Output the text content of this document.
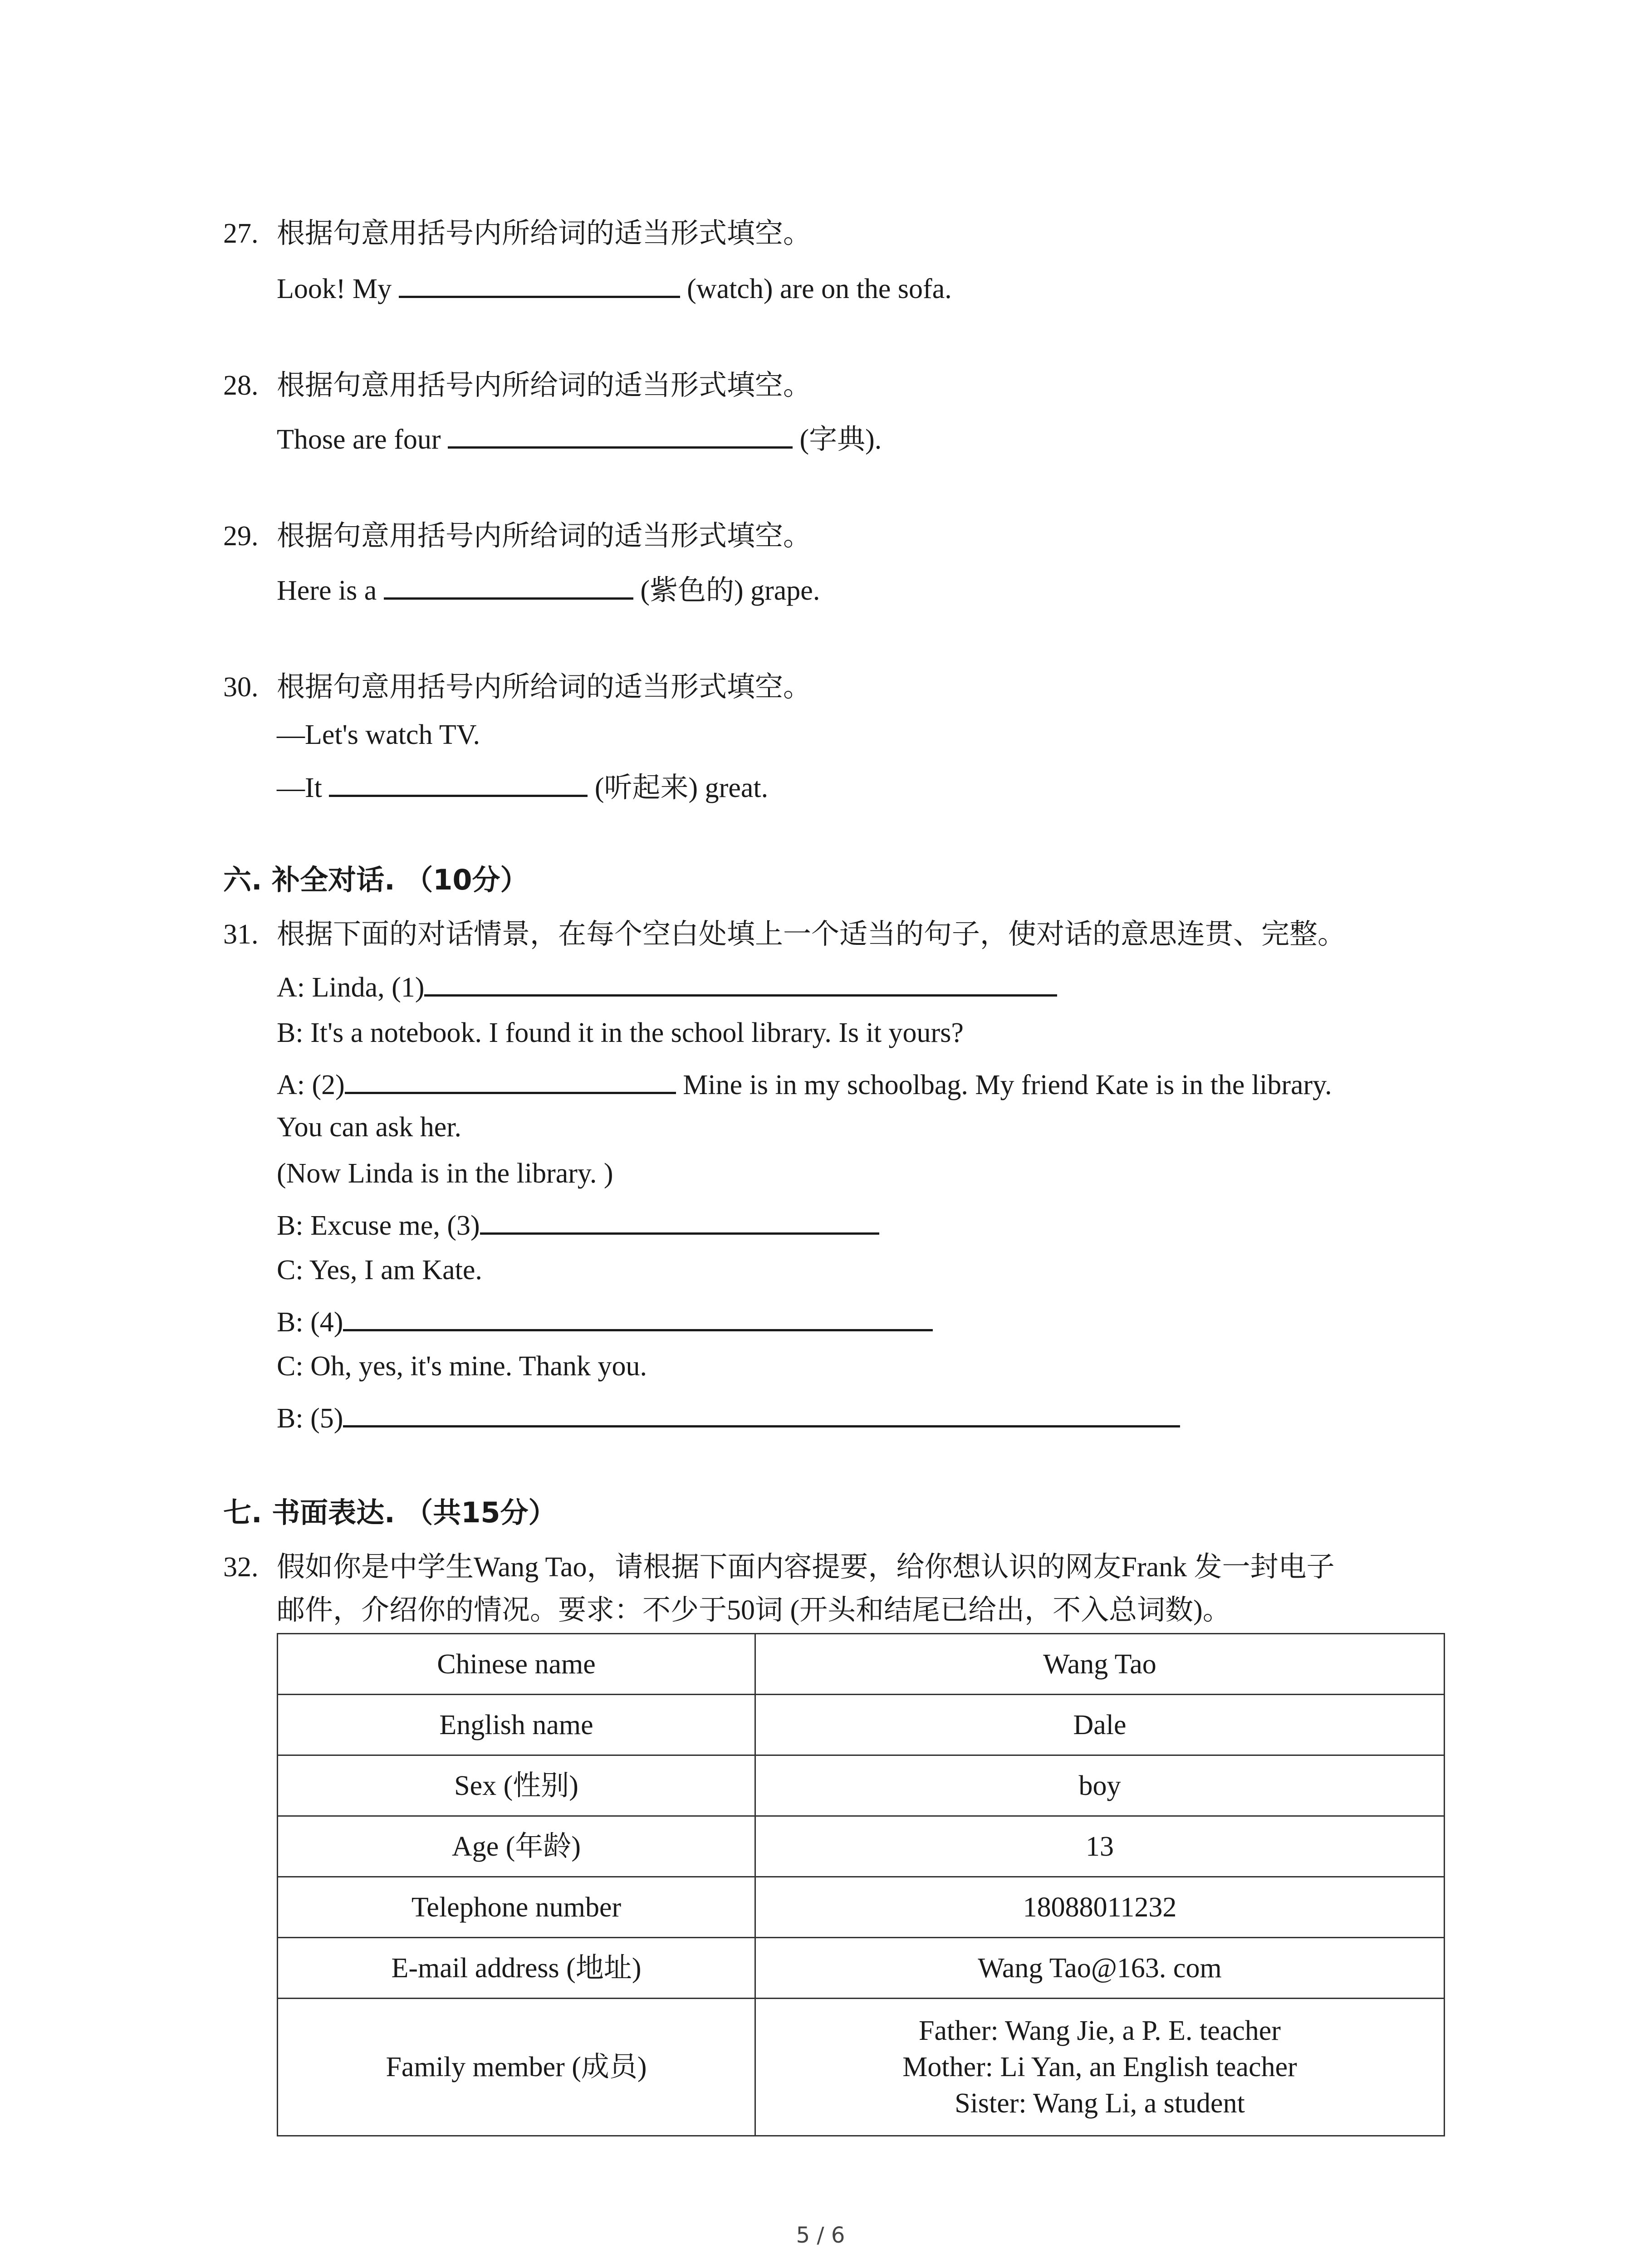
27. 根据句意用括号内所给词的适当形式填空。
Look! My	(watch) are on the sofa.
28. 根据句意用括号内所给词的适当形式填空。
Those are four	(字典).
29. 根据句意用括号内所给词的适当形式填空。
Here is a	(紫色的) grape.
30. 根据句意用括号内所给词的适当形式填空。
—Let's watch TV.
—It	(听起来) great.
六. 补全对话. （10分）
31. 根据下面的对话情景，在每个空白处填上一个适当的句子，使对话的意思连贯、完整。
A: Linda, (1)
B: It's a notebook. I found it in the school library. Is it yours?
A: (2)	Mine is in my schoolbag. My friend Kate is in the library.
You can ask her.
(Now Linda is in the library. )
B: Excuse me, (3)
C: Yes, I am Kate.
B: (4)
C: Oh, yes, it's mine. Thank you.
B: (5)
七. 书面表达. （共15分）
32. 假如你是中学生Wang Tao，请根据下面内容提要，给你想认识的网友Frank 发一封电子
邮件，介绍你的情况。要求：不少于50词 (开头和结尾已给出，不入总词数)。
Chinese name	Wang Tao
English name	Dale
Sex (性别)	boy
Age (年龄)	13
Telephone number	18088011232
E-mail address (地址)	Wang Tao@163. com
Family member (成员)	Father: Wang Jie, a P. E. teacher
Mother: Li Yan, an English teacher
Sister: Wang Li, a student
5 / 6
